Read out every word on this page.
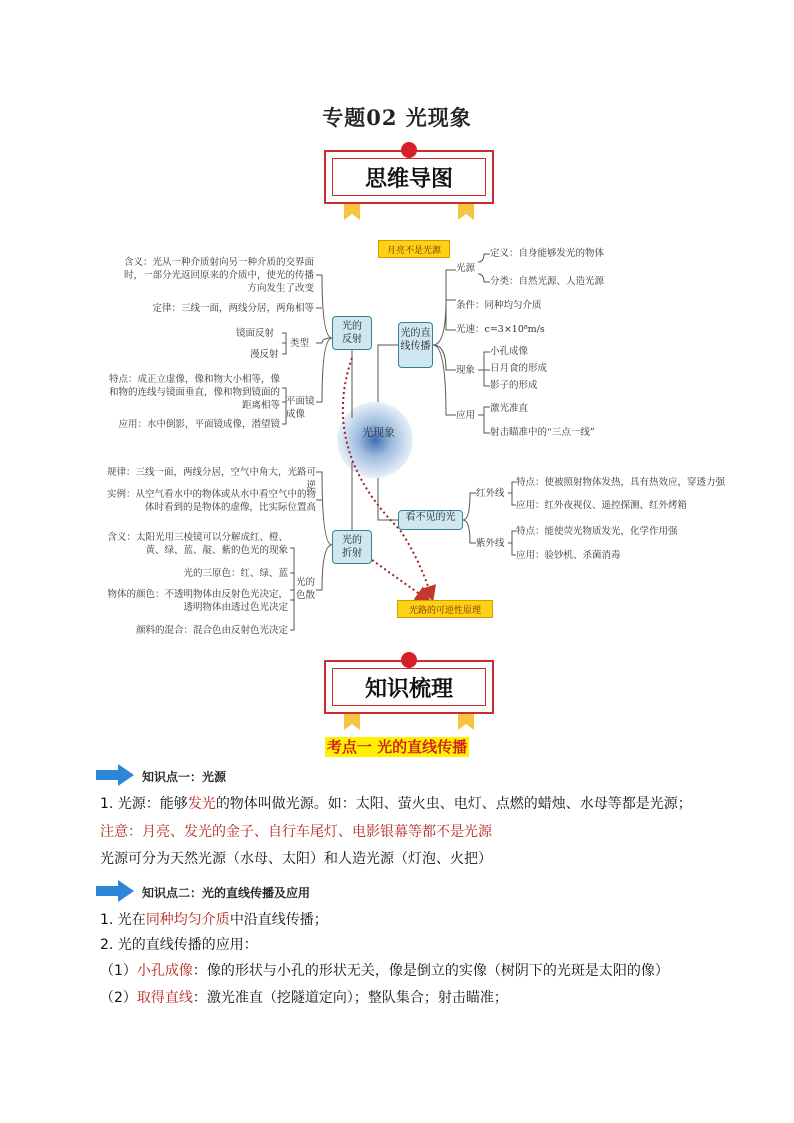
专题02 光现象
思维导图
光现象
月亮不是光源
光路的可逆性原理
光的直线传播
看不见的光
光的反射
光的折射
光源
定义：自身能够发光的物体
分类：自然光源、人造光源
条件：同种均匀介质
光速：c=3×10⁸m/s
现象
小孔成像
日月食的形成
影子的形成
应用
激光准直
射击瞄准中的“三点一线”
红外线
特点：使被照射物体发热，具有热效应，穿透力强
应用：红外夜视仪、遥控探测、红外烤箱
紫外线
特点：能使荧光物质发光，化学作用强
应用：验钞机、杀菌消毒
含义：光从一种介质射向另一种介质的交界面时，一部分光返回原来的介质中，使光的传播方向发生了改变
定律：三线一面，两线分居，两角相等
镜面反射
漫反射
类型
特点：成正立虚像，像和物大小相等，像和物的连线与镜面垂直，像和物到镜面的距离相等 平面镜成像
应用：水中倒影，平面镜成像，潜望镜
规律：三线一面，两线分居，空气中角大，光路可逆
实例：从空气看水中的物体或从水中看空气中的物体时看到的是物体的虚像，比实际位置高
含义：太阳光用三棱镜可以分解成红、橙、黄、绿、蓝、靛、紫的色光的现象
光的三原色：红、绿、蓝
物体的颜色：不透明物体由反射色光决定，透明物体由透过色光决定
光的色散
颜料的混合：混合色由反射色光决定
知识梳理
考点一 光的直线传播
知识点一：光源
1. 光源：能够发光的物体叫做光源。如：太阳、萤火虫、电灯、点燃的蜡烛、水母等都是光源；
注意：月亮、发光的金子、自行车尾灯、电影银幕等都不是光源
光源可分为天然光源（水母、太阳）和人造光源（灯泡、火把）
知识点二：光的直线传播及应用
1. 光在同种均匀介质中沿直线传播；
2. 光的直线传播的应用：
（1）小孔成像：像的形状与小孔的形状无关，像是倒立的实像（树阴下的光斑是太阳的像）
（2）取得直线：激光准直（挖隧道定向）；整队集合；射击瞄准；
